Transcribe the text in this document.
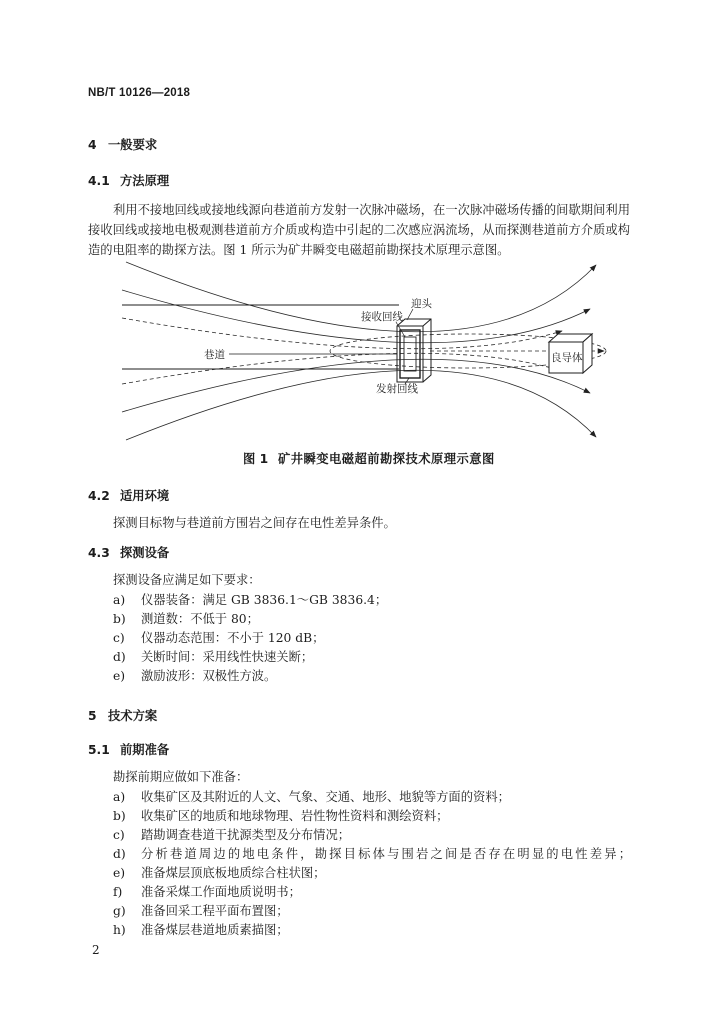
NB/T 10126—2018
4 一般要求
4.1 方法原理
利用不接地回线或接地线源向巷道前方发射一次脉冲磁场，在一次脉冲磁场传播的间歇期间利用
接收回线或接地电极观测巷道前方介质或构造中引起的二次感应涡流场，从而探测巷道前方介质或构
造的电阻率的勘探方法。图 1 所示为矿井瞬变电磁超前勘探技术原理示意图。
巷道
迎头
接收回线
发射回线
良导体
图 1 矿井瞬变电磁超前勘探技术原理示意图
4.2 适用环境
探测目标物与巷道前方围岩之间存在电性差异条件。
4.3 探测设备
探测设备应满足如下要求：
a) 仪器装备：满足 GB 3836.1～GB 3836.4；
b) 测道数：不低于 80；
c) 仪器动态范围：不小于 120 dB；
d) 关断时间：采用线性快速关断；
e) 激励波形：双极性方波。
5 技术方案
5.1 前期准备
勘探前期应做如下准备：
a) 收集矿区及其附近的人文、气象、交通、地形、地貌等方面的资料；
b) 收集矿区的地质和地球物理、岩性物性资料和测绘资料；
c) 踏勘调查巷道干扰源类型及分布情况；
d) 分析巷道周边的地电条件，勘探目标体与围岩之间是否存在明显的电性差异；
e) 准备煤层顶底板地质综合柱状图；
f) 准备采煤工作面地质说明书；
g) 准备回采工程平面布置图；
h) 准备煤层巷道地质素描图；
2
